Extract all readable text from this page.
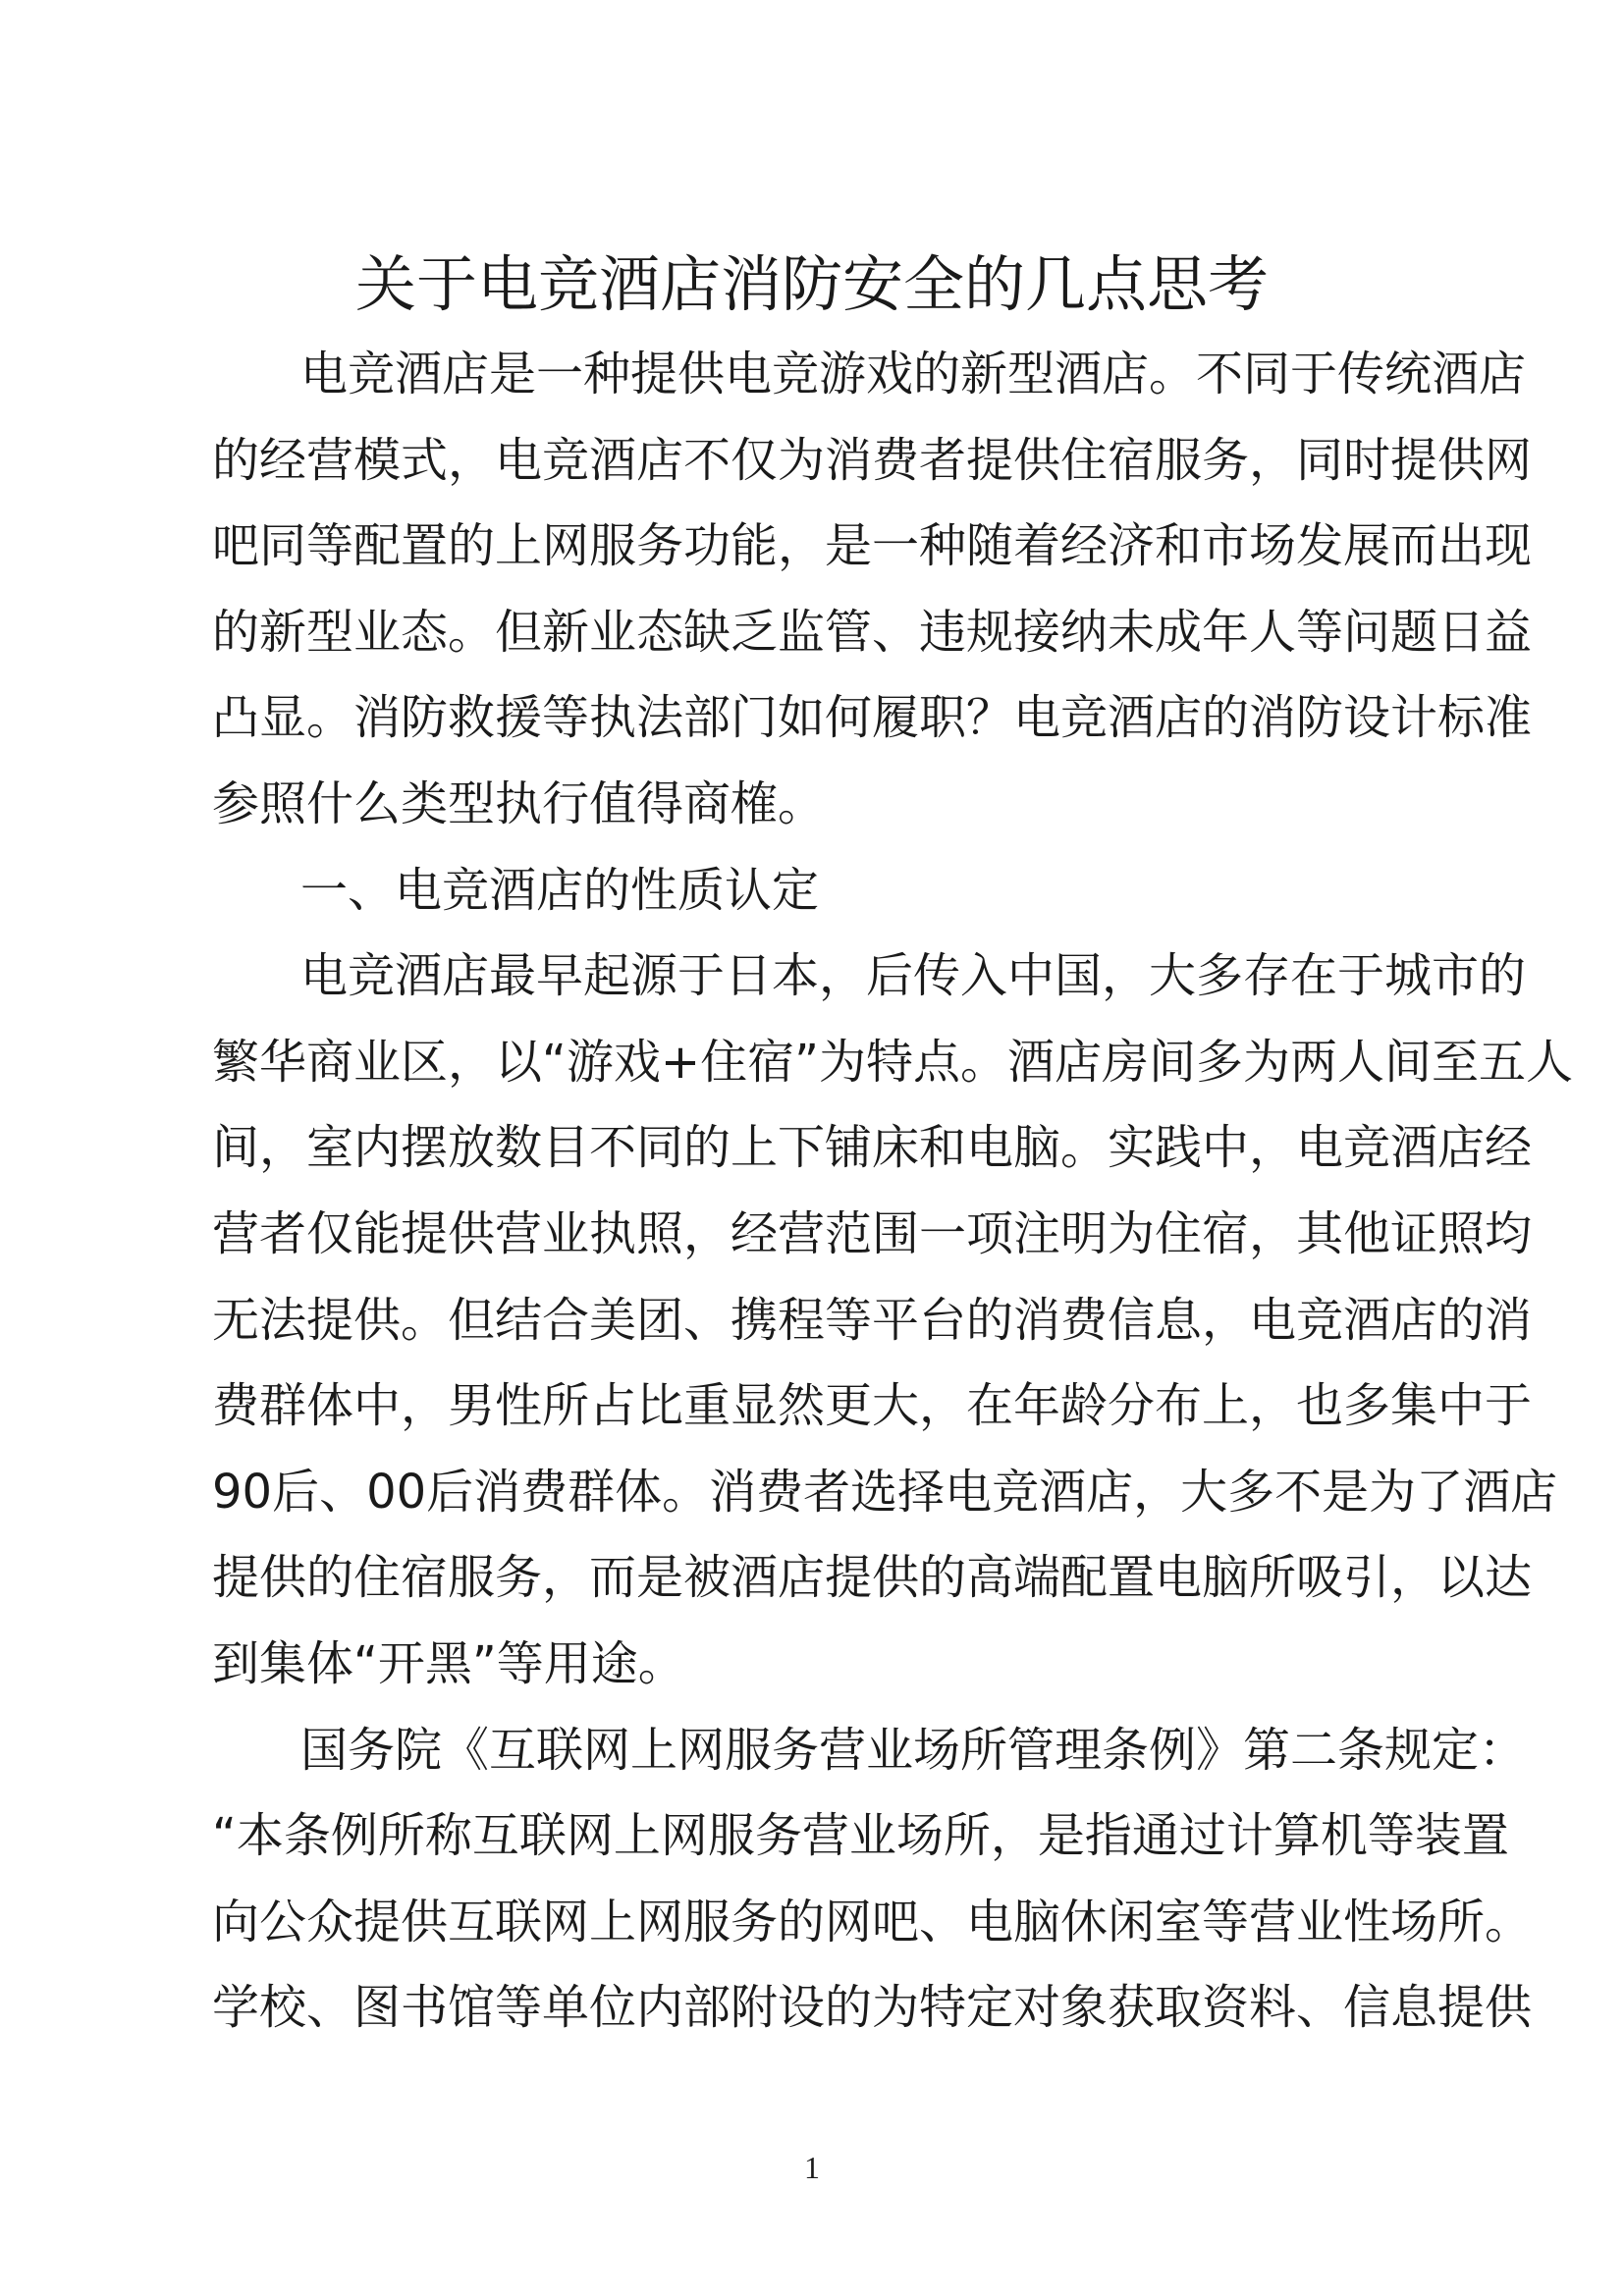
关于电竞酒店消防安全的几点思考
电竞酒店是一种提供电竞游戏的新型酒店。不同于传统酒店
的经营模式，电竞酒店不仅为消费者提供住宿服务，同时提供网
吧同等配置的上网服务功能，是一种随着经济和市场发展而出现
的新型业态。但新业态缺乏监管、违规接纳未成年人等问题日益
凸显。消防救援等执法部门如何履职？电竞酒店的消防设计标准
参照什么类型执行值得商榷。
一、电竞酒店的性质认定
电竞酒店最早起源于日本，后传入中国，大多存在于城市的
繁华商业区，以“游戏+住宿”为特点。酒店房间多为两人间至五人
间，室内摆放数目不同的上下铺床和电脑。实践中，电竞酒店经
营者仅能提供营业执照，经营范围一项注明为住宿，其他证照均
无法提供。但结合美团、携程等平台的消费信息，电竞酒店的消
费群体中，男性所占比重显然更大，在年龄分布上，也多集中于
90后、00后消费群体。消费者选择电竞酒店，大多不是为了酒店
提供的住宿服务，而是被酒店提供的高端配置电脑所吸引，以达
到集体“开黑”等用途。
国务院《互联网上网服务营业场所管理条例》第二条规定：
“本条例所称互联网上网服务营业场所，是指通过计算机等装置
向公众提供互联网上网服务的网吧、电脑休闲室等营业性场所。
学校、图书馆等单位内部附设的为特定对象获取资料、信息提供
1
